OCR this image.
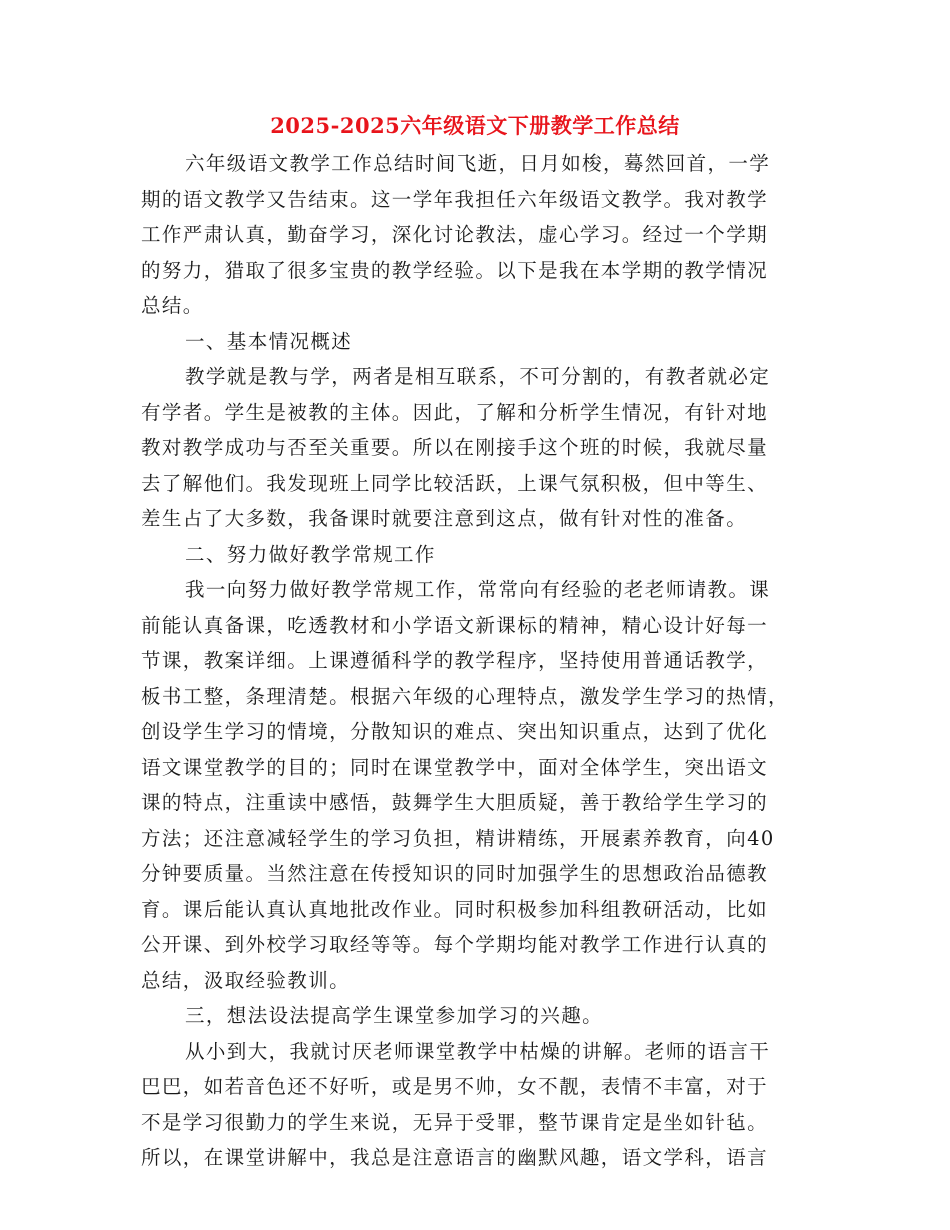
2025-2025六年级语文下册教学工作总结
六年级语文教学工作总结时间飞逝，日月如梭，蓦然回首，一学
期的语文教学又告结束。这一学年我担任六年级语文教学。我对教学
工作严肃认真，勤奋学习，深化讨论教法，虚心学习。经过一个学期
的努力，猎取了很多宝贵的教学经验。以下是我在本学期的教学情况
总结。
一、基本情况概述
教学就是教与学，两者是相互联系，不可分割的，有教者就必定
有学者。学生是被教的主体。因此，了解和分析学生情况，有针对地
教对教学成功与否至关重要。所以在刚接手这个班的时候，我就尽量
去了解他们。我发现班上同学比较活跃，上课气氛积极，但中等生、
差生占了大多数，我备课时就要注意到这点，做有针对性的准备。
二、努力做好教学常规工作
我一向努力做好教学常规工作，常常向有经验的老老师请教。课
前能认真备课，吃透教材和小学语文新课标的精神，精心设计好每一
节课，教案详细。上课遵循科学的教学程序，坚持使用普通话教学，
板书工整，条理清楚。根据六年级的心理特点，激发学生学习的热情，
创设学生学习的情境，分散知识的难点、突出知识重点，达到了优化
语文课堂教学的目的；同时在课堂教学中，面对全体学生，突出语文
课的特点，注重读中感悟，鼓舞学生大胆质疑，善于教给学生学习的
方法；还注意减轻学生的学习负担，精讲精练，开展素养教育，向40
分钟要质量。当然注意在传授知识的同时加强学生的思想政治品德教
育。课后能认真认真地批改作业。同时积极参加科组教研活动，比如
公开课、到外校学习取经等等。每个学期均能对教学工作进行认真的
总结，汲取经验教训。
三，想法设法提高学生课堂参加学习的兴趣。
从小到大，我就讨厌老师课堂教学中枯燥的讲解。老师的语言干
巴巴，如若音色还不好听，或是男不帅，女不靓，表情不丰富，对于
不是学习很勤力的学生来说，无异于受罪，整节课肯定是坐如针毡。
所以，在课堂讲解中，我总是注意语言的幽默风趣，语文学科，语言
